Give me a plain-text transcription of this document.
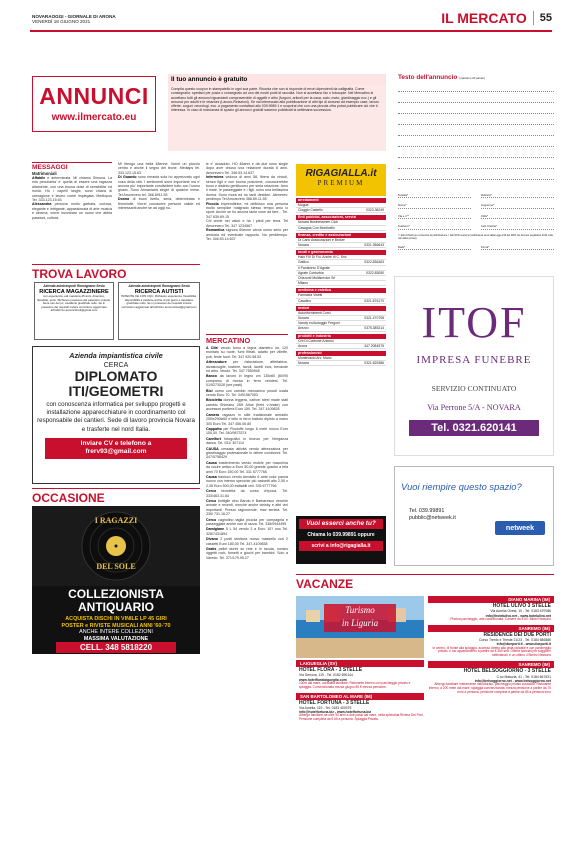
NOVARAOGGI - GIORNALE DI ARONA
VENERDÌ 18 GIUGNO 2021	IL MERCATO 55
ANNUNCI
www.ilmercato.eu
Il tuo annuncio è gratuito
Compila questo coupon in stampatello in ogni sua parte. Ricorda che non si risponde di errori dipendenti da calligrafia. Come consegnarlo: spedisci per posta o consegnalo ad uno dei nostri punti di raccolta. Non si accettano fax o fotocopie. Nel Mercatino si accettano tutti gli annunci riguardanti compravendite di oggetti e altro (furgoni, articoli per la casa, auto, moto, giardinaggio ecc.) e gli annunci per adulti e le relazioni (Lavoro-Relazioni). Se vai interessato alla pubblicazione di altri tipi di annunci ad esempio case, lavoro offerte, auguri, necrologi, ecc. a pagamento contattaci allo 039.9989.1 e scoprirai che con una piccola cifra potrai pubblicare ciò che ti interessa. In caso di mancanza di spazio gli annunci gratuiti saranno pubblicati la settimana successiva.
Testo dell'annuncio (massimo 20 parole)
Testata*	Rubrica*
Nome*	Cognome*
Via e n°*	Città*
Telefono*	Cell. Fisiche*
* I dati richiesti per consentire la pubblicazione. I dati NON verranno pubblicati ai sensi della legge 196 del 2003. Ex Decreto Legislativo 2016 sulla normativa privacy.
Data*	Firma*
MESSAGGI
Matrimoniali
Affabile e determinata. Mi chiamo Simona. La mia peculiarita' e' quella di essere una ragazza altamente, con una buona dose di sensibilita' ed ironia. Ho i capelli lunghi, sono chiara di carnagione e lavoro come impiegata. Mediopos Tel. 333.123.15.63
Alessandra persona molto garbata, curiosa, elegante e intrigante, appassionata di arte musica e cinema, vorrei incontrare un uomo che abbia passioni, cultura,
Mi ritengo una bella 48enne. Vorrei un piccolo centro e anche il segno del leone. Mediaps tel. 333.123.15.63
Di Guando sono rimasta sola ho apprezzato ogni cosa della vita. I sentimenti sono importanti ma e' ancora piu' importante condividere tutto con l'uomo giusto. Sono Annamaria single di qualche mese. Tel Amorevero tel. 366.8911.55
Donna di buon livello, seria, determinata e femminile. Vorrei conoscere persone valide ed interessanti anche se ad oggi nu-
le e' accaduto. HO 46anni e da due sono single dopo aver chiuso una relazione durata 8 anni. Amorevero Tel. 346.53.14.637
Infermiera vedova di anni 58, libera da vincoli, senza figli e con buona posizione, conoscerebbe buon e distinto gentiluomo per seria relazione. Amo il mare, le passeggiate e i figli. sono una bellissima donna. Sono mora ed ho tanti desideri. Ateneres: perdimpo Tel Amorevero 366.89.11.55
Piccola imprenditrice, mi definisco una persona molto semplice malgrado stesso tempo amo lo sport. Anche se ho ancora tante cose da fare... Tel. 347 639.69.15
Chi crede nei valori e ha i piedi per terra. Tel Amorevero Tel. 347 1234567
Romantica signora 60enne cerca uomo serio per amicizia ed eventuale rapporto. No perditempo. Tel. 346.53.14.637
TROVA LAVORO
Azienda autotrasporti Romagnano Sesia
RICERCA MAGAZZINIERE
con esperienza, età massima 45 anni, dinamico, flessibile, serio. Richiesto possesso del patentino muletto, bene uso del pc, cavallerio giudiziale nullo. Se in possesso dei requisiti inviare curriculum aggiornato all'indirizzo annuncitrudi@gmail.com
Azienda autotrasporti Romagnano Sesia
RICERCA AUTISTI
PATENTE CE CON CQC. Richiesto esperienza, flessibilità, disponibilità a trasferte anche di più giorni e casellario giudiziale nullo. Se in possesso dei requisiti inviare curriculum aggiornato all'indirizzo annuncitrudi@gmail.com
Azienda impiantistica civile
CERCA
DIPLOMATO
ITI/GEOMETRI
con conoscenza informatica per sviluppo progetti e installazione apparecchiature in coordinamento col responsabile dei cantieri. Sede di lavoro provincia Novara e trasferte nel nord Italia.
Inviare CV e telefono a
frerv93@gmail.com
OCCASIONE
I RAGAZZI
DEL SOLE
COLLEZIONISTA
ANTIQUARIO
ACQUISTA DISCHI IN VINILE LP 45 GIRI
POSTER e RIVISTE MUSICALI ANNI '60-'70
ANCHE INTERE COLLEZIONI
MASSIMA VALUTAZIONE
CELL. 348 5818220
MERCATINO
A Cifa' vendo forno a legna diametro int. 120 montato su ruote, fumi filtrati, adatto per villette, pub, feste fuori. Tel. 347 920.58.52
Attrezzature per ristorazione, affettatrice, lavastoviglie, tostiere, tavoli, lavelli inox, bevande ed altro. Vendo. Tel. 347 7550948
Banco da lavoro in legno cm 135x60 (60/90 compreso di morsa in ferro vendesi. Tel. 01/9273028 (ore pasti)
Bici uomo con cambio meccanico piccoli usata vendo Euro 70. Tel. 3491567053
Bicicletta donna leggera, carbon steel made stati cambio Shimano 28H Altus (freni v-brake) con accessori portiera Euro 150. Tel. 347 4109828
Camera ragazzo in stile tradizionale armadio 250lx290lx60 e letto in ferro battuto dipinto a mano 300 Euro Tel. 347 456.06.80
Cappotto per Rouloffe lungo 6 metri nuovo Euro 150,00. Tel. 340/9873374
Carelfort fotografici in bronzo per l'eleganza danza. Tel. 031/ 307114
CAUSA cessata attività vendo attrezzatura per giardinaggio professionale in ottime condizioni. Tel. 347/5758429
Causa trasferimento vendo mobile per macchina da cucire antico a Euro 50,00 grande quadro a tela anni 70 Euro 150,00 Tel. 331 6777766
Causa trasloco vendo Armadio 6 ante color panna nuovo con interno specchio più cassetti alto 2,50 x 2,36 Euro 500,00 trattabili cell. 335 6777766
Cerco bicicletta da corsa d'epoca. Tel. 333/463.31.84
Cerco bottiglie vino Barolo e Barbaresco vecchie annate e recenti, nonché anche whisky e altri vini importanti. Prezzo ragionevole, max serietà. Tel. 335/ 731.16.27
Cerco cagnolino taglia piccola per compagnia e passeggiate anche non di razza. Tel. 338/0944495
Damigiane 5 L 54 vendo 3 a Euro 10? uno Tel. 328/7431894
Divano 2 posti struttura nuovo massello con 2 cassetti Euro 180,00 Tel. 347-4109838
Gratis pellet durini su rete e in tavola, comics oggetti rock, fumetti e giochi per bambini. Solo a Varedo. Tel. 371/179.95.27
RIGAGIALLA.it
PREMIUM
arredamenti
Mogua
Cioggio Castello	0323.36249
Enti pubblici, associazioni, servizi
Novara Businessmen Club
Casagna Con Monticello
finanza, credito e assicurazioni
Di Carlo Assicurazioni e Broker
Novara	0321.356643
locali e gastronomia
Halo F.lli Di Fiu. Anche di C. Snc
Gattico	0322.836463
Il Pardiciero D'Agrate
Agrate Conturbia	0322.83050
Orizzonti Multiservice Srl
Milano
medicina e estetica
Farmacia Visetti
Casalino	0321.876170
motori
Autorifornimenti Corsi
Novara	0321.470708
Vanoly eu/Autoggio Fergoni
Arezzo	0375.385214
prodotti e industria
Crb Di Carbone Antonio
Arona	347.2084575
professionisti
Montevaulo Arv. Mario
Novara	0321.625386
Vuoi essercì anche tu?
Chiama lo 039.99891 oppure
scrivi a info@rigagialla.it
ITOF
IMPRESA FUNEBRE
SERVIZIO CONTINUATO
Via Perrone 5/A - NOVARA
Tel. 0321.620141
Vuoi riempire questo spazio?
Tel. 039.99891
pubblic@netweek.it
netweek
VACANZE
Turismo
in Liguria
LAIGUEGLIA (SV)
HOTEL FLORA - 3 STELLE
Via Genova, 119 - Tel. 0182 690144
www.hotelfloralaigueglia.com
100m dal mare, cordialità familiare. Ristorante interno con parcheggio privato e spiaggia. Convenzionata mezza giugno 80 € mezza pensione.
SAN BARTOLOMEO AL MARE (IM)
HOTEL FORTUNA - 3 STELLE
Via Aurelia, 119 - Tel. 0183 400075
info@hotelfortuna.biz - www.hotelfortuna.biz
Albergo familiare da oltre 50 anni a due passi dal mare, nella splendida Riviera Dei Fiori. Pensione completa da € 65 a persona. Spiaggia Privata.
DIANO MARINA (IM)
HOTEL ULIVO 3 STELLE
Via Aurelia Ovest, 10 - Tel. 0183 497086
info@hotelulivo.net - www.hotelulivo.net
Piscina parcheggio, aria condizionata. Camere da € 60. Bimbi Nessuno
SANREMO (IM)
RESIDENCE DEI DUE PORTI
Corso Trento e Trieste 21/23 - Tel. 0184 586586
info@dueporti.it - www.dueporti.it
In centro, di fronte alla spiaggia, accesso diretto alla pista ciclabile e con parcheggio privato. Il tuo appartamento a partire da € 350 sett. Offerte speciali per soggiorni settimanali, e un ottimo 4 Bimbo Nessuno
SANREMO (IM)
HOTEL BELSOGGIORNO - 3 STELLE
C.so Matuzia, 41 - Tel. 0184 667631
info@belsoggiorno.net - www.belsoggiorno.net
Albergo familiare interamente ristrutturato, parcheggio privato custodito. Ristorante interno, a 200 metri dal mare, spiaggia convenzionata. mezza pensione a partire da 70 euro a persona, pensione completa a partire da 85 a persona euro
